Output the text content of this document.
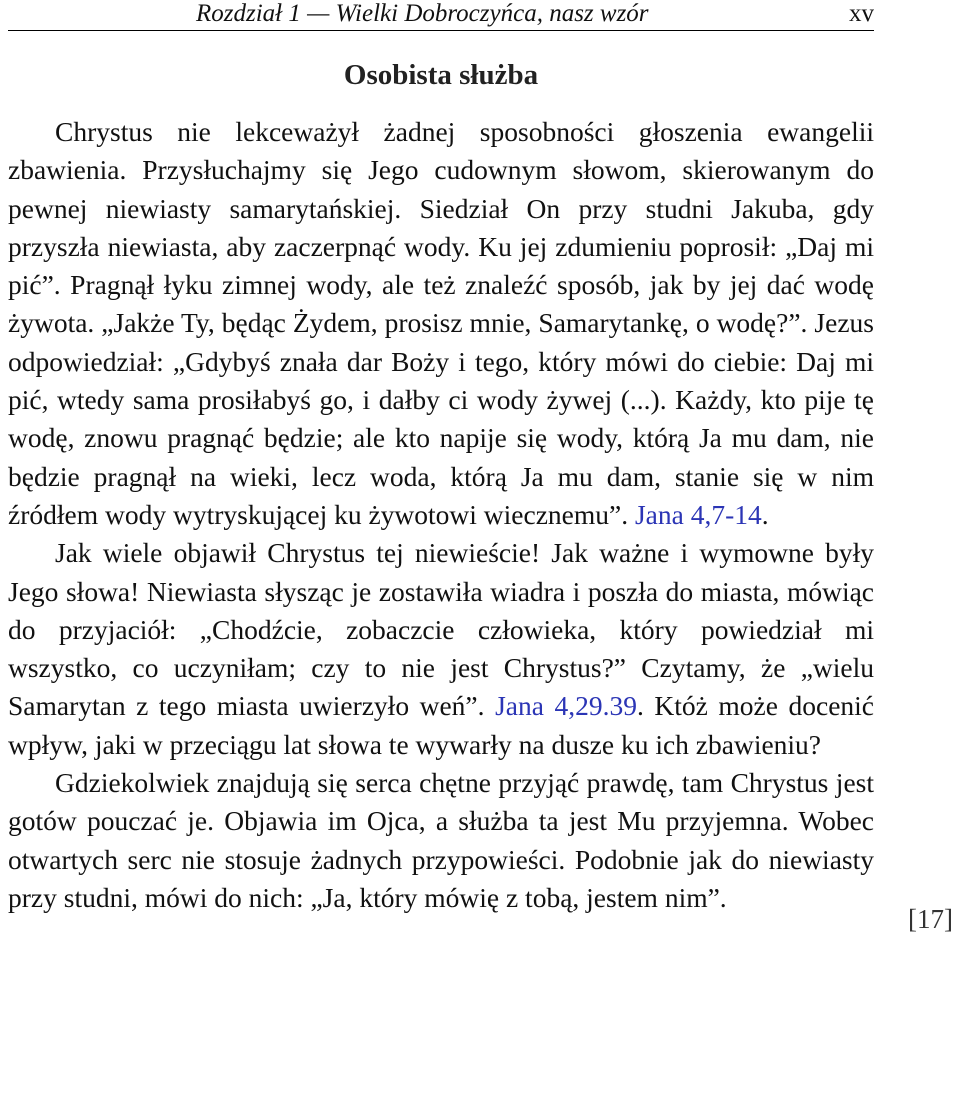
Rozdział 1 — Wielki Dobroczyńca, nasz wzór	xv
Osobista służba

Chrystus nie lekceważył żadnej sposobności głoszenia ewangelii zbawienia. Przysłuchajmy się Jego cudownym słowom, skierowanym do pewnej niewiasty samarytańskiej. Siedział On przy studni Jakuba, gdy przyszła niewiasta, aby zaczerpnąć wody. Ku jej zdumieniu poprosił: „Daj mi pić”. Pragnął łyku zimnej wody, ale też znaleźć sposób, jak by jej dać wodę żywota. „Jakże Ty, będąc Żydem, prosisz mnie, Samarytankę, o wodę?”. Jezus odpowiedział: „Gdybyś znała dar Boży i tego, który mówi do ciebie: Daj mi pić, wtedy sama prosiłabyś go, i dałby ci wody żywej (...). Każdy, kto pije tę wodę, znowu pragnąć będzie; ale kto napije się wody, którą Ja mu dam, nie będzie pragnął na wieki, lecz woda, którą Ja mu dam, stanie się w nim źródłem wody wytryskującej ku żywotowi wiecznemu”. Jana 4,7-14.

Jak wiele objawił Chrystus tej niewieście! Jak ważne i wymowne były Jego słowa! Niewiasta słysząc je zostawiła wiadra i poszła do miasta, mówiąc do przyjaciół: „Chodźcie, zobaczcie człowieka, który powiedział mi wszystko, co uczyniłam; czy to nie jest Chrystus?” Czytamy, że „wielu Samarytan z tego miasta uwierzyło weń”. Jana 4,29.39. Któż może docenić wpływ, jaki w przeciągu lat słowa te wywarły na dusze ku ich zbawieniu?

Gdziekolwiek znajdują się serca chętne przyjąć prawdę, tam Chrystus jest gotów pouczać je. Objawia im Ojca, a służba ta jest Mu przyjemna. Wobec otwartych serc nie stosuje żadnych przypowieści. Podobnie jak do niewiasty przy studni, mówi do nich: „Ja, który mówię z tobą, jestem nim”.

[17]
